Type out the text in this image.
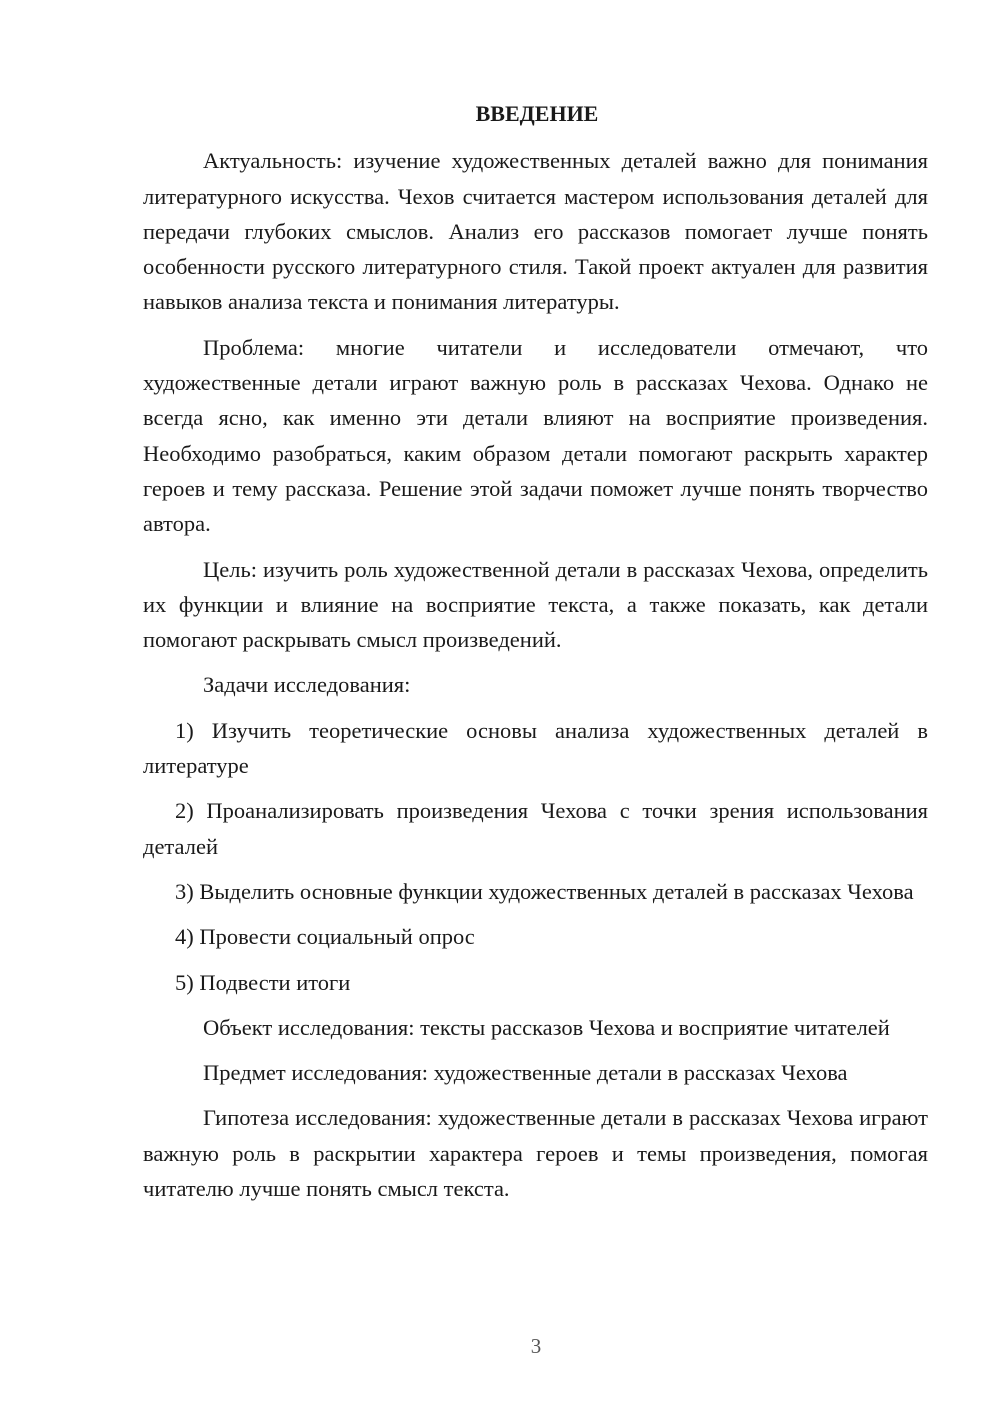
ВВЕДЕНИЕ

Актуальность: изучение художественных деталей важно для понимания литературного искусства. Чехов считается мастером использования деталей для передачи глубоких смыслов. Анализ его рассказов помогает лучше понять особенности русского литературного стиля. Такой проект актуален для развития навыков анализа текста и понимания литературы.

Проблема: многие читатели и исследователи отмечают, что художественные детали играют важную роль в рассказах Чехова. Однако не всегда ясно, как именно эти детали влияют на восприятие произведения. Необходимо разобраться, каким образом детали помогают раскрыть характер героев и тему рассказа. Решение этой задачи поможет лучше понять творчество автора.

Цель: изучить роль художественной детали в рассказах Чехова, определить их функции и влияние на восприятие текста, а также показать, как детали помогают раскрывать смысл произведений.

Задачи исследования:

1) Изучить теоретические основы анализа художественных деталей в литературе

2) Проанализировать произведения Чехова с точки зрения использования деталей

3) Выделить основные функции художественных деталей в рассказах Чехова

4) Провести социальный опрос

5) Подвести итоги

Объект исследования: тексты рассказов Чехова и восприятие читателей

Предмет исследования: художественные детали в рассказах Чехова

Гипотеза исследования: художественные детали в рассказах Чехова играют важную роль в раскрытии характера героев и темы произведения, помогая читателю лучше понять смысл текста.

3
